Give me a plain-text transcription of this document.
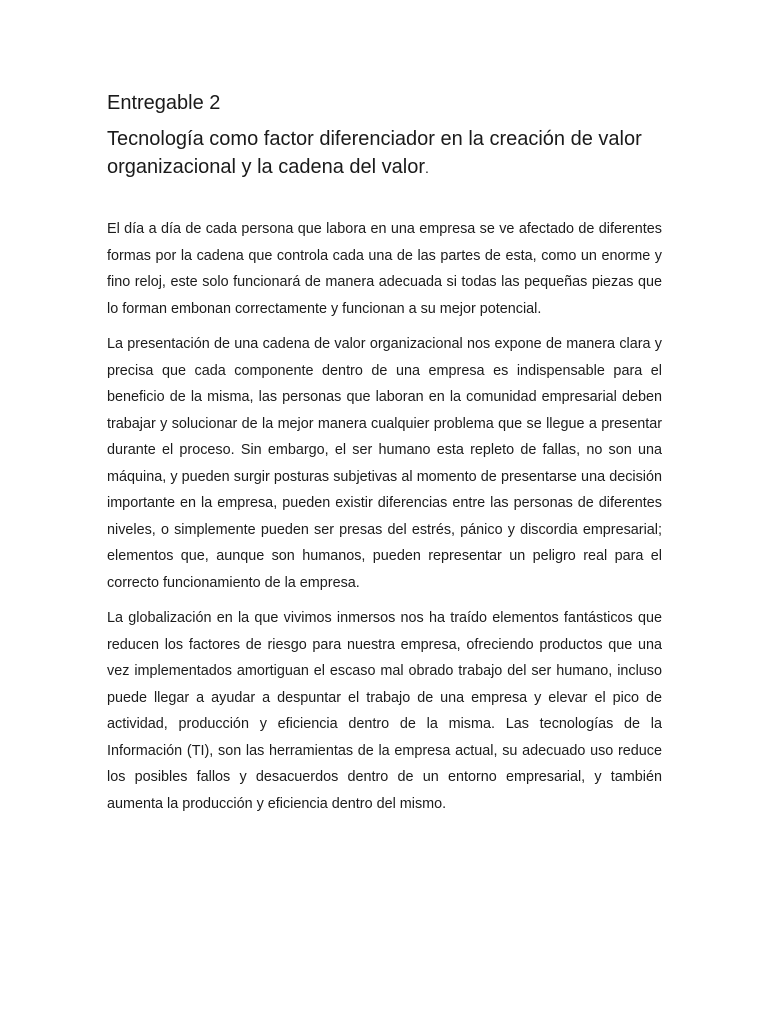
Entregable 2
Tecnología como factor diferenciador en la creación de valor organizacional y la cadena del valor.

El día a día de cada persona que labora en una empresa se ve afectado de diferentes formas por la cadena que controla cada una de las partes de esta, como un enorme y fino reloj, este solo funcionará de manera adecuada si todas las pequeñas piezas que lo forman embonan correctamente y funcionan a su mejor potencial.

La presentación de una cadena de valor organizacional nos expone de manera clara y precisa que cada componente dentro de una empresa es indispensable para el beneficio de la misma, las personas que laboran en la comunidad empresarial deben trabajar y solucionar de la mejor manera cualquier problema que se llegue a presentar durante el proceso. Sin embargo, el ser humano esta repleto de fallas, no son una máquina, y pueden surgir posturas subjetivas al momento de presentarse una decisión importante en la empresa, pueden existir diferencias entre las personas de diferentes niveles, o simplemente pueden ser presas del estrés, pánico y discordia empresarial; elementos que, aunque son humanos, pueden representar un peligro real para el correcto funcionamiento de la empresa.

La globalización en la que vivimos inmersos nos ha traído elementos fantásticos que reducen los factores de riesgo para nuestra empresa, ofreciendo productos que una vez implementados amortiguan el escaso mal obrado trabajo del ser humano, incluso puede llegar a ayudar a despuntar el trabajo de una empresa y elevar el pico de actividad, producción y eficiencia dentro de la misma. Las tecnologías de la Información (TI), son las herramientas de la empresa actual, su adecuado uso reduce los posibles fallos y desacuerdos dentro de un entorno empresarial, y también aumenta la producción y eficiencia dentro del mismo.
